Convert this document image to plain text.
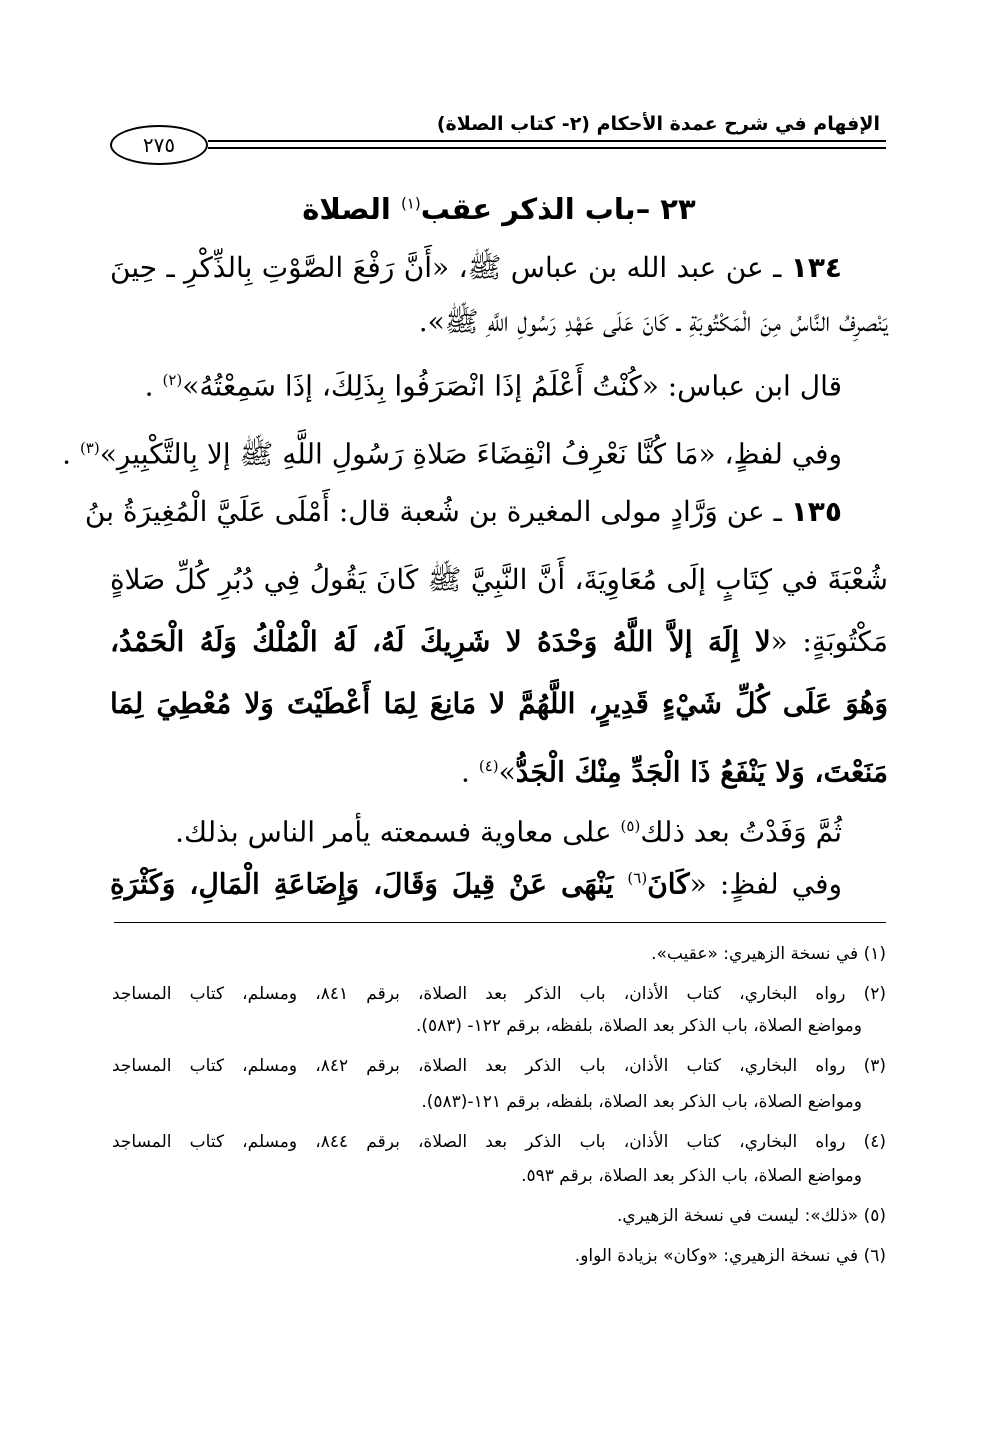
الإفهام في شرح عمدة الأحكام (٢- كتاب الصلاة)
٢٧٥
٢٣ –باب الذكر عقب$^{(١)}$ الصلاة
١٣٤ ـ عن عبد الله بن عباس ﷺ، «أَنَّ رَفْعَ الصَّوْتِ بِالذِّكْرِ ـ حِينَ
يَنْصرِفُ النَّاسُ مِنَ الْمَكْتُوبَةِ ـ كَانَ عَلَى عَهْدِ رَسُولِ اللَّهِ ﷺ».
قال ابن عباس: «كُنْتُ أَعْلَمُ إذَا انْصَرَفُوا بِذَلِكَ، إذَا سَمِعْتُهُ»$^{(٢)}$ .
وفي لفظٍ، «مَا كُنَّا نَعْرِفُ انْقِضَاءَ صَلاةِ رَسُولِ اللَّهِ ﷺ إلا بِالتَّكْبِيرِ»$^{(٣)}$ .
١٣٥ ـ عن وَرَّادٍ مولى المغيرة بن شُعبة قال: أَمْلَى عَلَيَّ الْمُغِيرَةُ بنُ
شُعْبَةَ في كِتَابٍ إلَى مُعَاوِيَةَ، أَنَّ النَّبِيَّ ﷺ كَانَ يَقُولُ فِي دُبُرِ كُلِّ صَلاةٍ
مَكْتُوبَةٍ: «لا إِلَهَ إلاَّ اللَّهُ وَحْدَهُ لا شَرِيكَ لَهُ، لَهُ الْمُلْكُ وَلَهُ الْحَمْدُ،
وَهُوَ عَلَى كُلِّ شَيْءٍ قَدِيرٍ، اللَّهُمَّ لا مَانِعَ لِمَا أَعْطَيْتَ وَلا مُعْطِيَ لِمَا
مَنَعْتَ، وَلا يَنْفَعُ ذَا الْجَدِّ مِنْكَ الْجَدُّ»$^{(٤)}$ .
ثُمَّ وَفَدْتُ بعد ذلك$^{(٥)}$ على معاوية فسمعته يأمر الناس بذلك.
وفي لفظٍ: «كَانَ$^{(٦)}$ يَنْهَى عَنْ قِيلَ وَقَالَ، وَإِضَاعَةِ الْمَالِ، وَكَثْرَةِ
(١) في نسخة الزهيري: «عقيب».
(٢) رواه البخاري، كتاب الأذان، باب الذكر بعد الصلاة، برقم ٨٤١، ومسلم، كتاب المساجد
ومواضع الصلاة، باب الذكر بعد الصلاة، بلفظه، برقم ١٢٢- (٥٨٣).
(٣) رواه البخاري، كتاب الأذان، باب الذكر بعد الصلاة، برقم ٨٤٢، ومسلم، كتاب المساجد
ومواضع الصلاة، باب الذكر بعد الصلاة، بلفظه، برقم ١٢١-(٥٨٣).
(٤) رواه البخاري، كتاب الأذان، باب الذكر بعد الصلاة، برقم ٨٤٤، ومسلم، كتاب المساجد
ومواضع الصلاة، باب الذكر بعد الصلاة، برقم ٥٩٣.
(٥) «ذلك»: ليست في نسخة الزهيري.
(٦) في نسخة الزهيري: «وكان» بزيادة الواو.
